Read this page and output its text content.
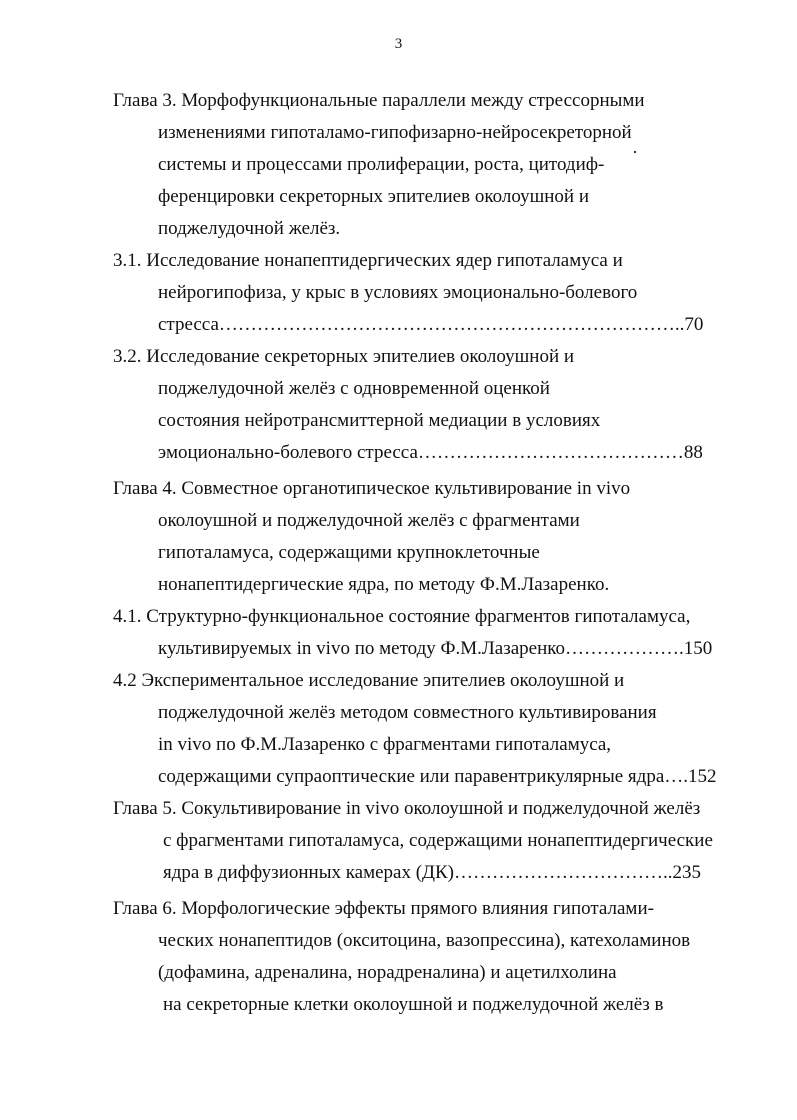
3
Глава 3. Морфофункциональные параллели между стрессорными
изменениями гипоталамо-гипофизарно-нейросекреторной
системы и процессами пролиферации, роста, цитодиф-
ференцировки секреторных эпителиев околоушной и
поджелудочной желёз.
3.1. Исследование нонапептидергических ядер гипоталамуса и
нейрогипофиза, у крыс в условиях эмоционально-болевого
стресса………………………………………………………………..70
3.2. Исследование секреторных эпителиев околоушной и
поджелудочной желёз с одновременной оценкой
состояния нейротрансмиттерной медиации в условиях
эмоционально-болевого стресса……………………………………88
Глава 4. Совместное органотипическое культивирование in vivo
околоушной и поджелудочной желёз с фрагментами
гипоталамуса, содержащими крупноклеточные
нонапептидергические ядра, по методу Ф.М.Лазаренко.
4.1. Структурно-функциональное состояние фрагментов гипоталамуса,
культивируемых in vivo по методу Ф.М.Лазаренко……………….150
4.2 Экспериментальное исследование эпителиев околоушной и
поджелудочной желёз методом совместного культивирования
in vivo по Ф.М.Лазаренко с фрагментами гипоталамуса,
содержащими супраоптические или паравентрикулярные ядра….152
Глава 5. Сокультивирование in vivo околоушной и поджелудочной желёз
с фрагментами гипоталамуса, содержащими нонапептидергические
ядра в диффузионных камерах (ДК)……………………………..235
Глава 6. Морфологические эффекты прямого влияния гипоталами-
ческих нонапептидов (окситоцина, вазопрессина), катехоламинов
(дофамина, адреналина, норадреналина) и ацетилхолина
на секреторные клетки околоушной и поджелудочной желёз в
